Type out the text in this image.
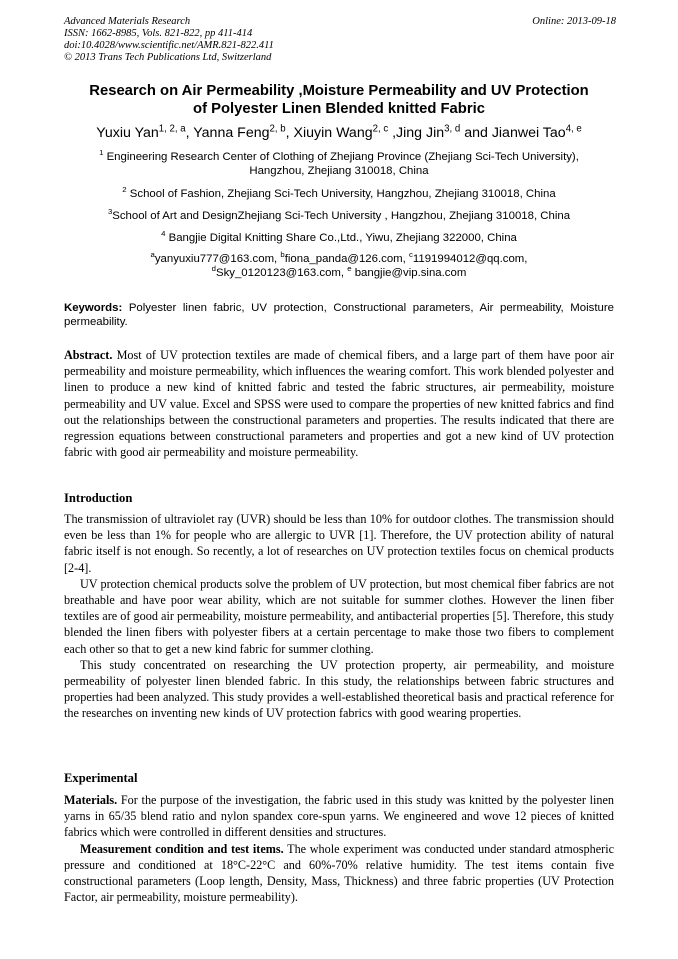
Advanced Materials Research
ISSN: 1662-8985, Vols. 821-822, pp 411-414
doi:10.4028/www.scientific.net/AMR.821-822.411
© 2013 Trans Tech Publications Ltd, Switzerland
Online: 2013-09-18
Research on Air Permeability ,Moisture Permeability and UV Protection
of Polyester Linen Blended knitted Fabric
Yuxiu Yan$^{1, 2, a}$, Yanna Feng$^{2, b}$, Xiuyin Wang$^{2, c}$ ,Jing Jin$^{3, d}$ and Jianwei Tao$^{4, e}$
$^1$ Engineering Research Center of Clothing of Zhejiang Province (Zhejiang Sci-Tech University),
Hangzhou, Zhejiang 310018, China
$^2$ School of Fashion, Zhejiang Sci-Tech University, Hangzhou, Zhejiang 310018, China
$^3$School of Art and DesignZhejiang Sci-Tech University , Hangzhou, Zhejiang 310018, China
$^4$ Bangjie Digital Knitting Share Co.,Ltd., Yiwu, Zhejiang 322000, China
$^a$yanyuxiu777@163.com, $^b$fiona_panda@126.com, $^c$1191994012@qq.com,
$^d$Sky_0120123@163.com, $^e$ bangjie@vip.sina.com
Keywords: Polyester linen fabric, UV protection, Constructional parameters, Air permeability, Moisture permeability.

Abstract. Most of UV protection textiles are made of chemical fibers, and a large part of them have poor air permeability and moisture permeability, which influences the wearing comfort. This work blended polyester and linen to produce a new kind of knitted fabric and tested the fabric structures, air permeability, moisture permeability and UV value. Excel and SPSS were used to compare the properties of new knitted fabrics and find out the relationships between the constructional parameters and properties. The results indicated that there are regression equations between constructional parameters and properties and got a new kind of UV protection fabric with good air permeability and moisture permeability.

Introduction

The transmission of ultraviolet ray (UVR) should be less than 10% for outdoor clothes. The transmission should even be less than 1% for people who are allergic to UVR [1]. Therefore, the UV protection ability of natural fabric itself is not enough. So recently, a lot of researches on UV protection textiles focus on chemical products [2-4].

UV protection chemical products solve the problem of UV protection, but most chemical fiber fabrics are not breathable and have poor wear ability, which are not suitable for summer clothes. However the linen fiber textiles are of good air permeability, moisture permeability, and antibacterial properties [5]. Therefore, this study blended the linen fibers with polyester fibers at a certain percentage to make those two fibers to complement each other so that to get a new kind fabric for summer clothing.

This study concentrated on researching the UV protection property, air permeability, and moisture permeability of polyester linen blended fabric. In this study, the relationships between fabric structures and properties had been analyzed. This study provides a well-established theoretical basis and practical reference for the researches on inventing new kinds of UV protection fabrics with good wearing properties.

Experimental

Materials. For the purpose of the investigation, the fabric used in this study was knitted by the polyester linen yarns in 65/35 blend ratio and nylon spandex core-spun yarns. We engineered and wove 12 pieces of knitted fabrics which were controlled in different densities and structures.

Measurement condition and test items. The whole experiment was conducted under standard atmospheric pressure and conditioned at 18°C-22°C and 60%-70% relative humidity. The test items contain five constructional parameters (Loop length, Density, Mass, Thickness) and three fabric properties (UV Protection Factor, air permeability, moisture permeability).
